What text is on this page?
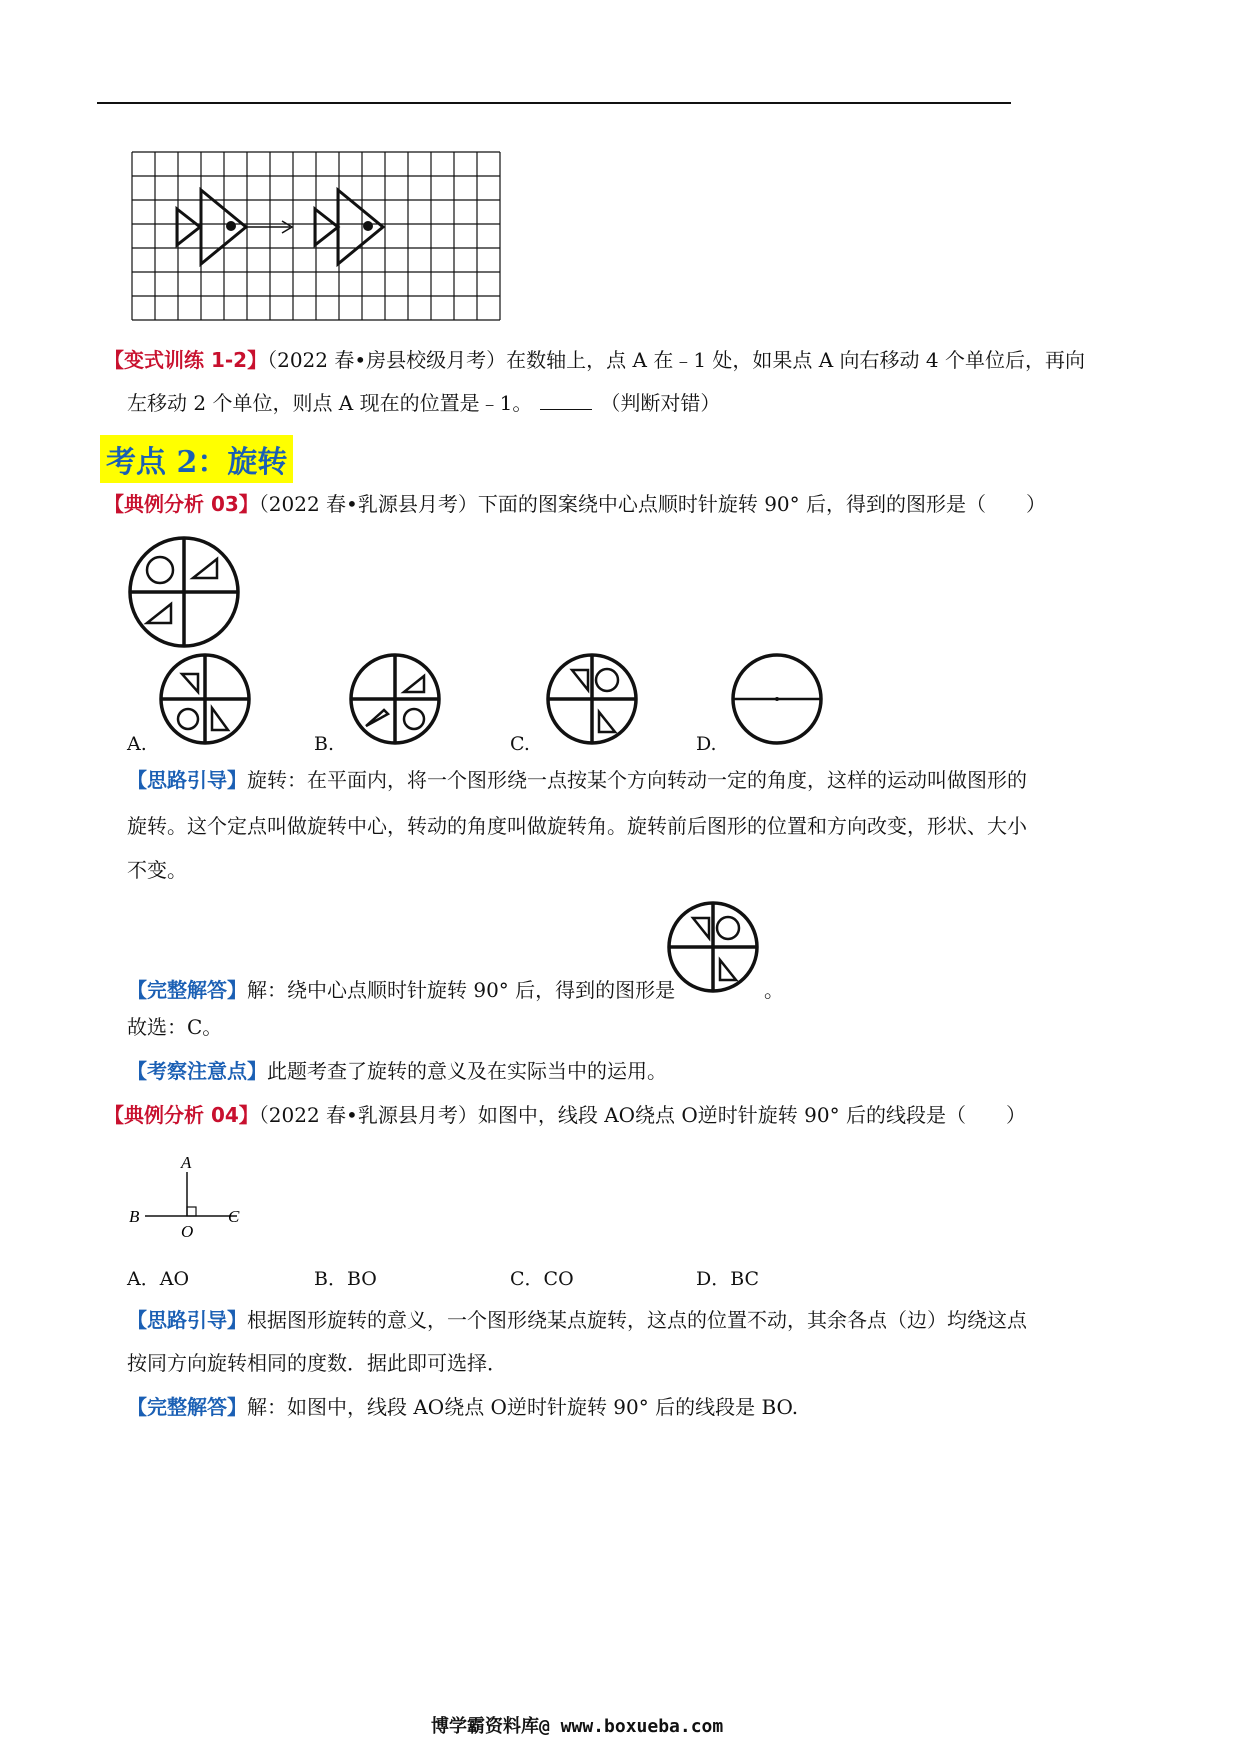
【变式训练 1-2】（2022 春•房县校级月考）在数轴上，点 A 在﹣1 处，如果点 A 向右移动 4 个单位后，再向
左移动 2 个单位，则点 A 现在的位置是﹣1。	（判断对错）
考点 2：旋转
【典例分析 03】（2022 春•乳源县月考）下面的图案绕中心点顺时针旋转 90° 后，得到的图形是（　　）
A.	B.	C.	D.
【思路引导】旋转：在平面内，将一个图形绕一点按某个方向转动一定的角度，这样的运动叫做图形的
旋转。这个定点叫做旋转中心，转动的角度叫做旋转角。旋转前后图形的位置和方向改变，形状、大小
不变。
【完整解答】解：绕中心点顺时针旋转 90° 后，得到的图形是	。
故选：C。
【考察注意点】此题考查了旋转的意义及在实际当中的运用。
【典例分析 04】（2022 春•乳源县月考）如图中，线段 AO绕点 O逆时针旋转 90° 后的线段是（　　）
A
B
O
C
A．AO	B．BO	C．CO	D．BC
【思路引导】根据图形旋转的意义，一个图形绕某点旋转，这点的位置不动，其余各点（边）均绕这点
按同方向旋转相同的度数．据此即可选择．
【完整解答】解：如图中，线段 AO绕点 O逆时针旋转 90° 后的线段是 BO.
博学霸资料库@ www.boxueba.com
